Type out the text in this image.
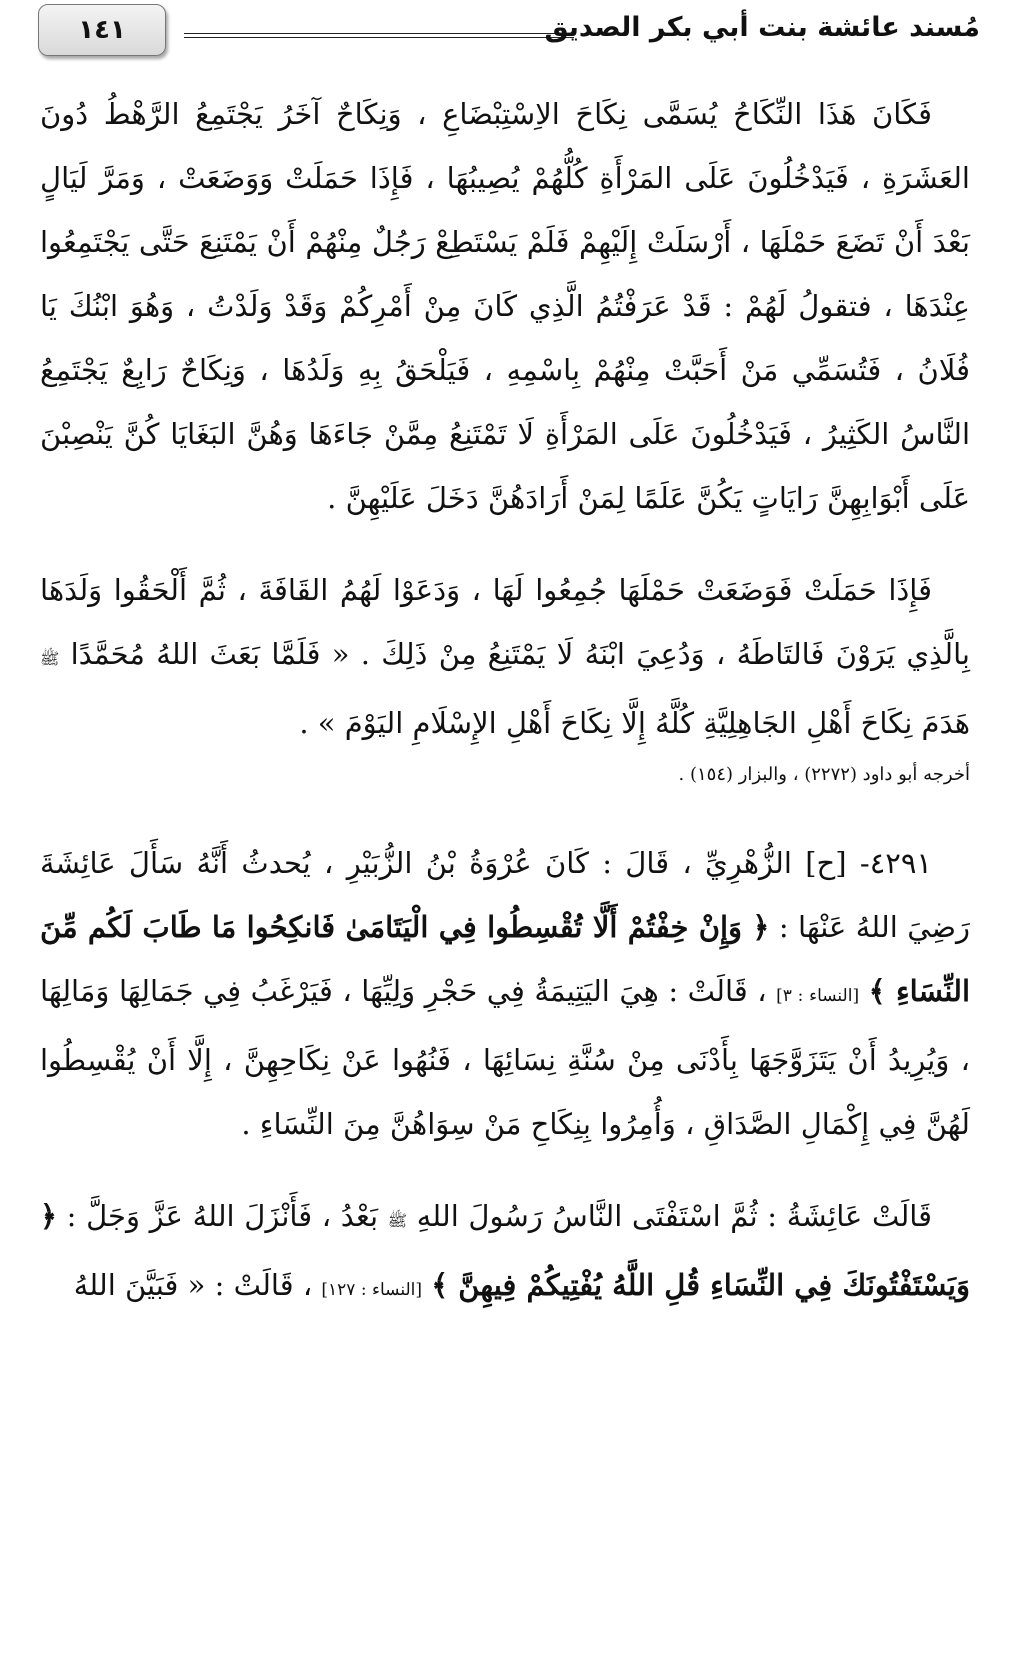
١٤١	مُسند عائشة بنت أبي بكر الصديق

فَكَانَ هَذَا النِّكَاحُ يُسَمَّى نِكَاحَ الاِسْتِبْضَاعِ ، وَنِكَاحٌ آخَرُ يَجْتَمِعُ الرَّهْطُ دُونَ العَشَرَةِ ، فَيَدْخُلُونَ عَلَى المَرْأَةِ كُلُّهُمْ يُصِيبُهَا ، فَإِذَا حَمَلَتْ وَوَضَعَتْ ، وَمَرَّ لَيَالٍ بَعْدَ أَنْ تَضَعَ حَمْلَهَا ، أَرْسَلَتْ إِلَيْهِمْ فَلَمْ يَسْتَطِعْ رَجُلٌ مِنْهُمْ أَنْ يَمْتَنِعَ حَتَّى يَجْتَمِعُوا عِنْدَهَا ، فتقولُ لَهُمْ : قَدْ عَرَفْتُمُ الَّذِي كَانَ مِنْ أَمْرِكُمْ وَقَدْ وَلَدْتُ ، وَهُوَ ابْنُكَ يَا فُلَانُ ، فَتُسَمِّي مَنْ أَحَبَّتْ مِنْهُمْ بِاسْمِهِ ، فَيَلْحَقُ بِهِ وَلَدُهَا ، وَنِكَاحٌ رَابِعٌ يَجْتَمِعُ النَّاسُ الكَثِيرُ ، فَيَدْخُلُونَ عَلَى المَرْأَةِ لَا تَمْتَنِعُ مِمَّنْ جَاءَهَا وَهُنَّ البَغَايَا كُنَّ يَنْصِبْنَ عَلَى أَبْوَابِهِنَّ رَايَاتٍ يَكُنَّ عَلَمًا لِمَنْ أَرَادَهُنَّ دَخَلَ عَلَيْهِنَّ .

فَإِذَا حَمَلَتْ فَوَضَعَتْ حَمْلَهَا جُمِعُوا لَهَا ، وَدَعَوْا لَهُمُ القَافَةَ ، ثُمَّ أَلْحَقُوا وَلَدَهَا بِالَّذِي يَرَوْنَ فَالتَاطَهُ ، وَدُعِيَ ابْنَهُ لَا يَمْتَنِعُ مِنْ ذَلِكَ . « فَلَمَّا بَعَثَ اللهُ مُحَمَّدًا ﷺ هَدَمَ نِكَاحَ أَهْلِ الجَاهِلِيَّةِ كُلَّهُ إِلَّا نِكَاحَ أَهْلِ الإِسْلَامِ اليَوْمَ » .

أخرجه أبو داود (٢٢٧٢) ، والبزار (١٥٤) .

٤٢٩١- [ح] الزُّهْرِيِّ ، قَالَ : كَانَ عُرْوَةُ بْنُ الزُّبَيْرِ ، يُحدثُ أَنَّهُ سَأَلَ عَائِشَةَ رَضِيَ اللهُ عَنْهَا : ﴿ وَإِنْ خِفْتُمْ أَلَّا تُقْسِطُوا فِي الْيَتَامَىٰ فَانكِحُوا مَا طَابَ لَكُم مِّنَ النِّسَاءِ ﴾ [النساء : ٣] ، قَالَتْ : هِيَ اليَتِيمَةُ فِي حَجْرِ وَلِيِّهَا ، فَيَرْغَبُ فِي جَمَالِهَا وَمَالِهَا ، وَيُرِيدُ أَنْ يَتَزَوَّجَهَا بِأَدْنَى مِنْ سُنَّةِ نِسَائِهَا ، فَنُهُوا عَنْ نِكَاحِهِنَّ ، إِلَّا أَنْ يُقْسِطُوا لَهُنَّ فِي إِكْمَالِ الصَّدَاقِ ، وَأُمِرُوا بِنِكَاحِ مَنْ سِوَاهُنَّ مِنَ النِّسَاءِ .

قَالَتْ عَائِشَةُ : ثُمَّ اسْتَفْتَى النَّاسُ رَسُولَ اللهِ ﷺ بَعْدُ ، فَأَنْزَلَ اللهُ عَزَّ وَجَلَّ : ﴿ وَيَسْتَفْتُونَكَ فِي النِّسَاءِ قُلِ اللَّهُ يُفْتِيكُمْ فِيهِنَّ ﴾ [النساء : ١٢٧] ، قَالَتْ : « فَبَيَّنَ اللهُ
